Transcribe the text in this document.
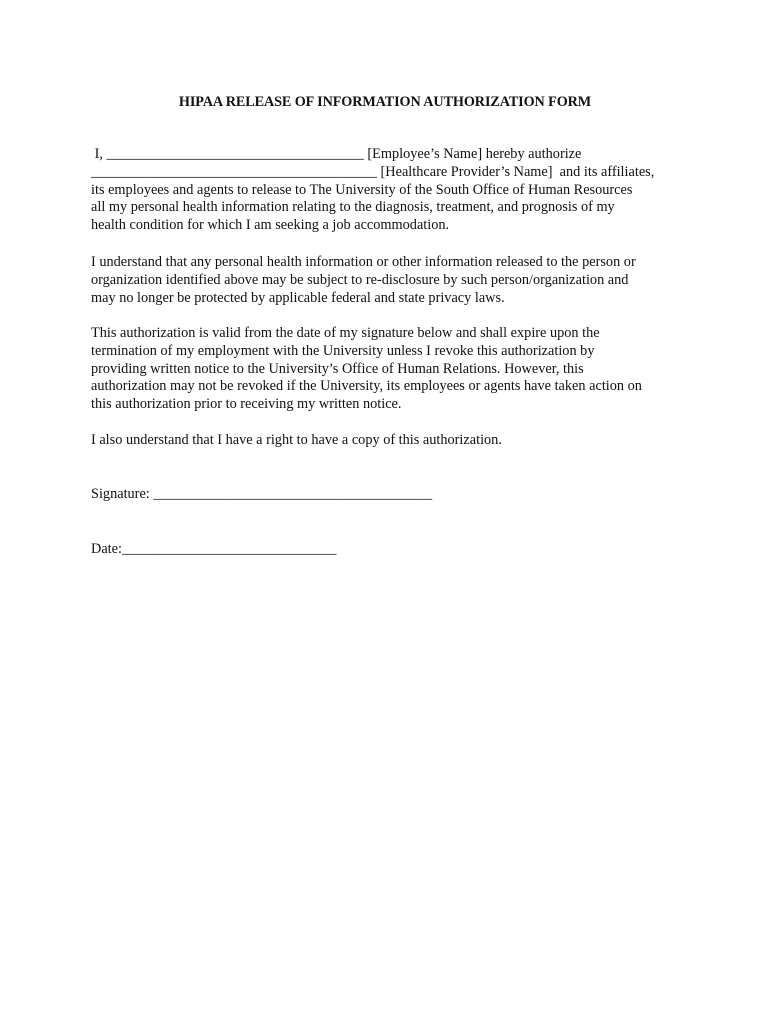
HIPAA RELEASE OF INFORMATION AUTHORIZATION FORM

I, ____________________________________ [Employee’s Name] hereby authorize
________________________________________ [Healthcare Provider’s Name]  and its affiliates,
its employees and agents to release to The University of the South Office of Human Resources
all my personal health information relating to the diagnosis, treatment, and prognosis of my
health condition for which I am seeking a job accommodation.

I understand that any personal health information or other information released to the person or
organization identified above may be subject to re-disclosure by such person/organization and
may no longer be protected by applicable federal and state privacy laws.

This authorization is valid from the date of my signature below and shall expire upon the
termination of my employment with the University unless I revoke this authorization by
providing written notice to the University’s Office of Human Relations. However, this
authorization may not be revoked if the University, its employees or agents have taken action on
this authorization prior to receiving my written notice.

I also understand that I have a right to have a copy of this authorization.

Signature: _______________________________________
Date:______________________________
